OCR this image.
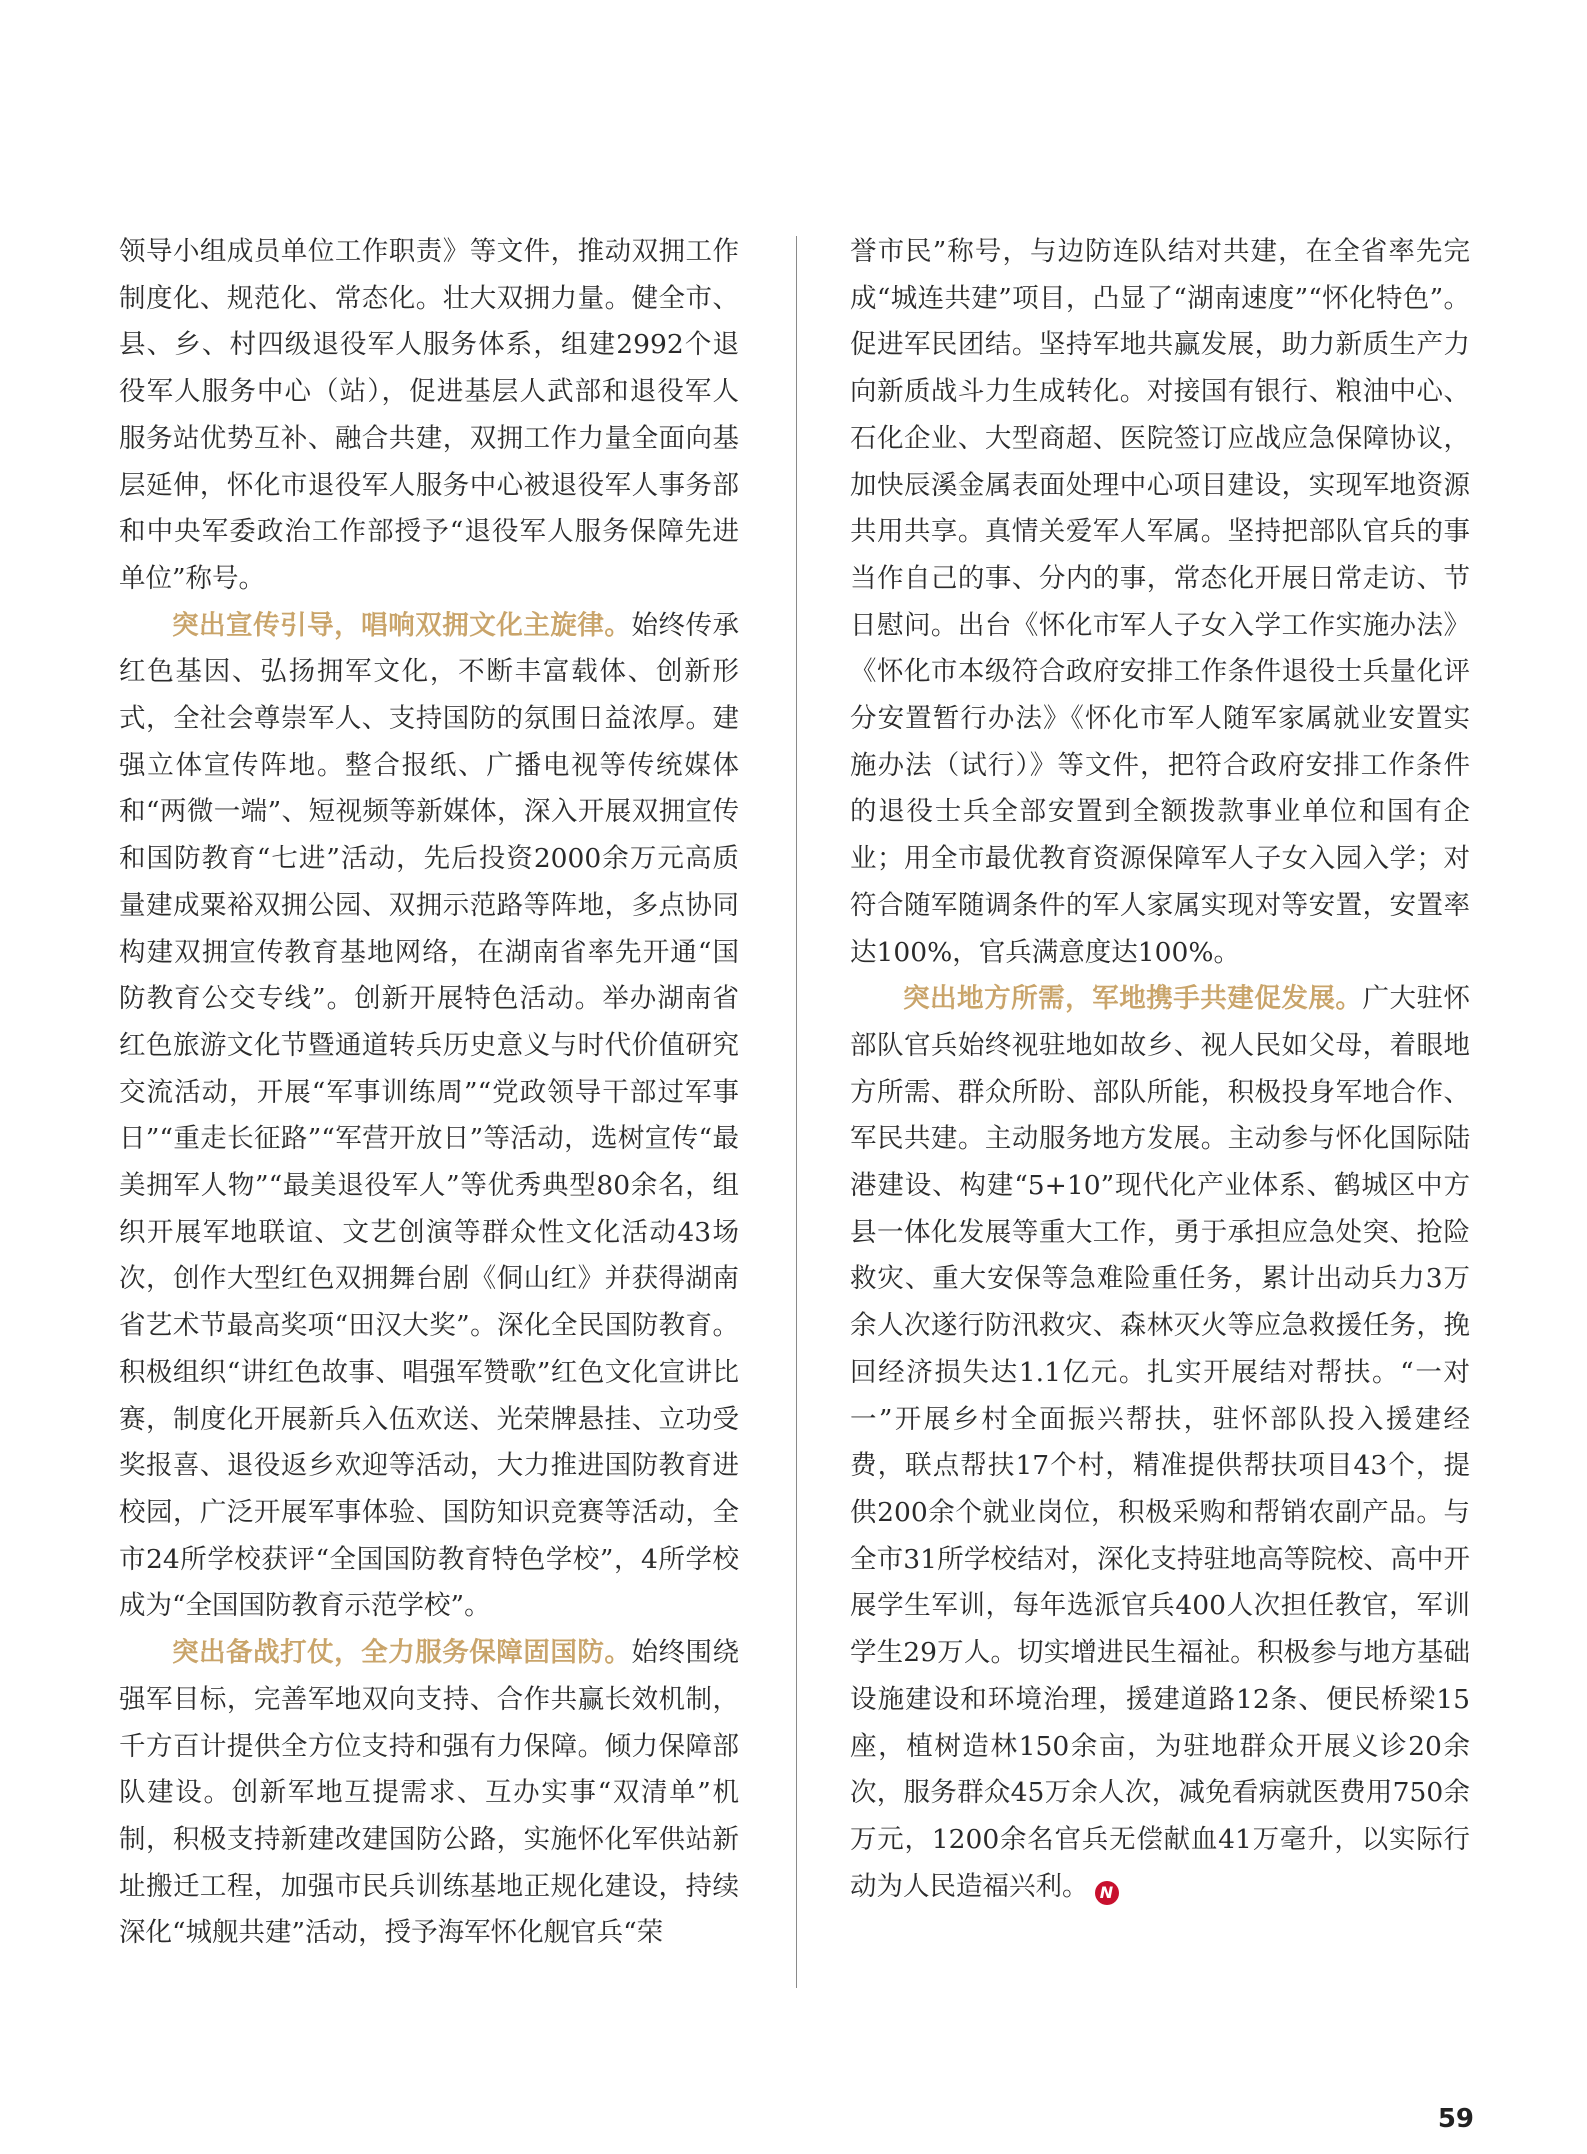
领导小组成员单位工作职责》等文件，推动双拥工作制度化、规范化、常态化。壮大双拥力量。健全市、县、乡、村四级退役军人服务体系，组建2992个退役军人服务中心（站），促进基层人武部和退役军人服务站优势互补、融合共建，双拥工作力量全面向基层延伸，怀化市退役军人服务中心被退役军人事务部和中央军委政治工作部授予“退役军人服务保障先进单位”称号。

突出宣传引导，唱响双拥文化主旋律。始终传承红色基因、弘扬拥军文化，不断丰富载体、创新形式，全社会尊崇军人、支持国防的氛围日益浓厚。建强立体宣传阵地。整合报纸、广播电视等传统媒体和“两微一端”、短视频等新媒体，深入开展双拥宣传和国防教育“七进”活动，先后投资2000余万元高质量建成粟裕双拥公园、双拥示范路等阵地，多点协同构建双拥宣传教育基地网络，在湖南省率先开通“国防教育公交专线”。创新开展特色活动。举办湖南省红色旅游文化节暨通道转兵历史意义与时代价值研究交流活动，开展“军事训练周”“党政领导干部过军事日”“重走长征路”“军营开放日”等活动，选树宣传“最美拥军人物”“最美退役军人”等优秀典型80余名，组织开展军地联谊、文艺创演等群众性文化活动43场次，创作大型红色双拥舞台剧《侗山红》并获得湖南省艺术节最高奖项“田汉大奖”。深化全民国防教育。积极组织“讲红色故事、唱强军赞歌”红色文化宣讲比赛，制度化开展新兵入伍欢送、光荣牌悬挂、立功受奖报喜、退役返乡欢迎等活动，大力推进国防教育进校园，广泛开展军事体验、国防知识竞赛等活动，全市24所学校获评“全国国防教育特色学校”，4所学校成为“全国国防教育示范学校”。

突出备战打仗，全力服务保障固国防。始终围绕强军目标，完善军地双向支持、合作共赢长效机制，千方百计提供全方位支持和强有力保障。倾力保障部队建设。创新军地互提需求、互办实事“双清单”机制，积极支持新建改建国防公路，实施怀化军供站新址搬迁工程，加强市民兵训练基地正规化建设，持续深化“城舰共建”活动，授予海军怀化舰官兵“荣

誉市民”称号，与边防连队结对共建，在全省率先完成“城连共建”项目，凸显了“湖南速度”“怀化特色”。促进军民团结。坚持军地共赢发展，助力新质生产力向新质战斗力生成转化。对接国有银行、粮油中心、石化企业、大型商超、医院签订应战应急保障协议，加快辰溪金属表面处理中心项目建设，实现军地资源共用共享。真情关爱军人军属。坚持把部队官兵的事当作自己的事、分内的事，常态化开展日常走访、节日慰问。出台《怀化市军人子女入学工作实施办法》《怀化市本级符合政府安排工作条件退役士兵量化评分安置暂行办法》《怀化市军人随军家属就业安置实施办法（试行）》等文件，把符合政府安排工作条件的退役士兵全部安置到全额拨款事业单位和国有企业；用全市最优教育资源保障军人子女入园入学；对符合随军随调条件的军人家属实现对等安置，安置率达100%，官兵满意度达100%。

突出地方所需，军地携手共建促发展。广大驻怀部队官兵始终视驻地如故乡、视人民如父母，着眼地方所需、群众所盼、部队所能，积极投身军地合作、军民共建。主动服务地方发展。主动参与怀化国际陆港建设、构建“5+10”现代化产业体系、鹤城区中方县一体化发展等重大工作，勇于承担应急处突、抢险救灾、重大安保等急难险重任务，累计出动兵力3万余人次遂行防汛救灾、森林灭火等应急救援任务，挽回经济损失达1.1亿元。扎实开展结对帮扶。“一对一”开展乡村全面振兴帮扶，驻怀部队投入援建经费，联点帮扶17个村，精准提供帮扶项目43个，提供200余个就业岗位，积极采购和帮销农副产品。与全市31所学校结对，深化支持驻地高等院校、高中开展学生军训，每年选派官兵400人次担任教官，军训学生29万人。切实增进民生福祉。积极参与地方基础设施建设和环境治理，援建道路12条、便民桥梁15座，植树造林150余亩，为驻地群众开展义诊20余次，服务群众45万余人次，减免看病就医费用750余万元，1200余名官兵无偿献血41万毫升，以实际行动为人民造福兴利。 N

59
